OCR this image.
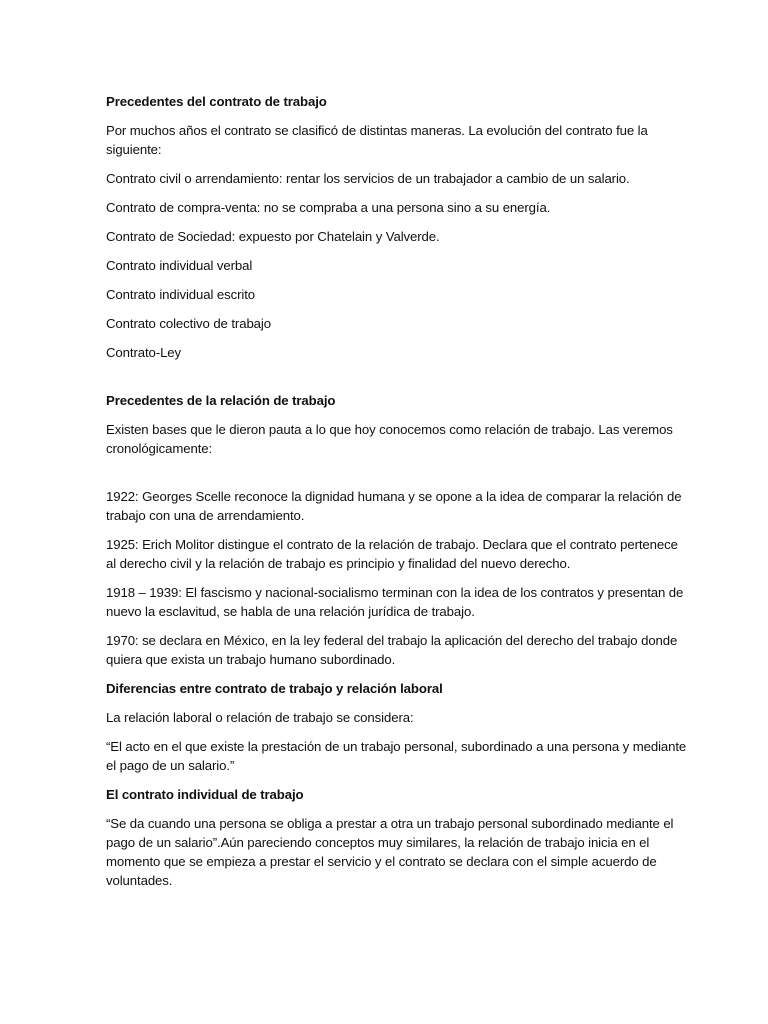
Precedentes del contrato de trabajo

Por muchos años el contrato se clasificó de distintas maneras. La evolución del contrato fue la siguiente:

Contrato civil o arrendamiento: rentar los servicios de un trabajador a cambio de un salario.

Contrato de compra-venta: no se compraba a una persona sino a su energía.

Contrato de Sociedad: expuesto por Chatelain y Valverde.

Contrato individual verbal

Contrato individual escrito

Contrato colectivo de trabajo

Contrato-Ley

Precedentes de la relación de trabajo

Existen bases que le dieron pauta a lo que hoy conocemos como relación de trabajo. Las veremos cronológicamente:

1922: Georges Scelle reconoce la dignidad humana y se opone a la idea de comparar la relación de trabajo con una de arrendamiento.

1925: Erich Molitor distingue el contrato de la relación de trabajo. Declara que el contrato pertenece al derecho civil y la relación de trabajo es principio y finalidad del nuevo derecho.

1918 – 1939: El fascismo y nacional-socialismo terminan con la idea de los contratos y presentan de nuevo la esclavitud, se habla de una relación jurídica de trabajo.

1970: se declara en México, en la ley federal del trabajo la aplicación del derecho del trabajo donde quiera que exista un trabajo humano subordinado.

Diferencias entre contrato de trabajo y relación laboral

La relación laboral o relación de trabajo se considera:

“El acto en el que existe la prestación de un trabajo personal, subordinado a una persona y mediante el pago de un salario.”

El contrato individual de trabajo

“Se da cuando una persona se obliga a prestar a otra un trabajo personal subordinado mediante el pago de un salario”.Aún pareciendo conceptos muy similares, la relación de trabajo inicia en el momento que se empieza a prestar el servicio y el contrato se declara con el simple acuerdo de voluntades.
